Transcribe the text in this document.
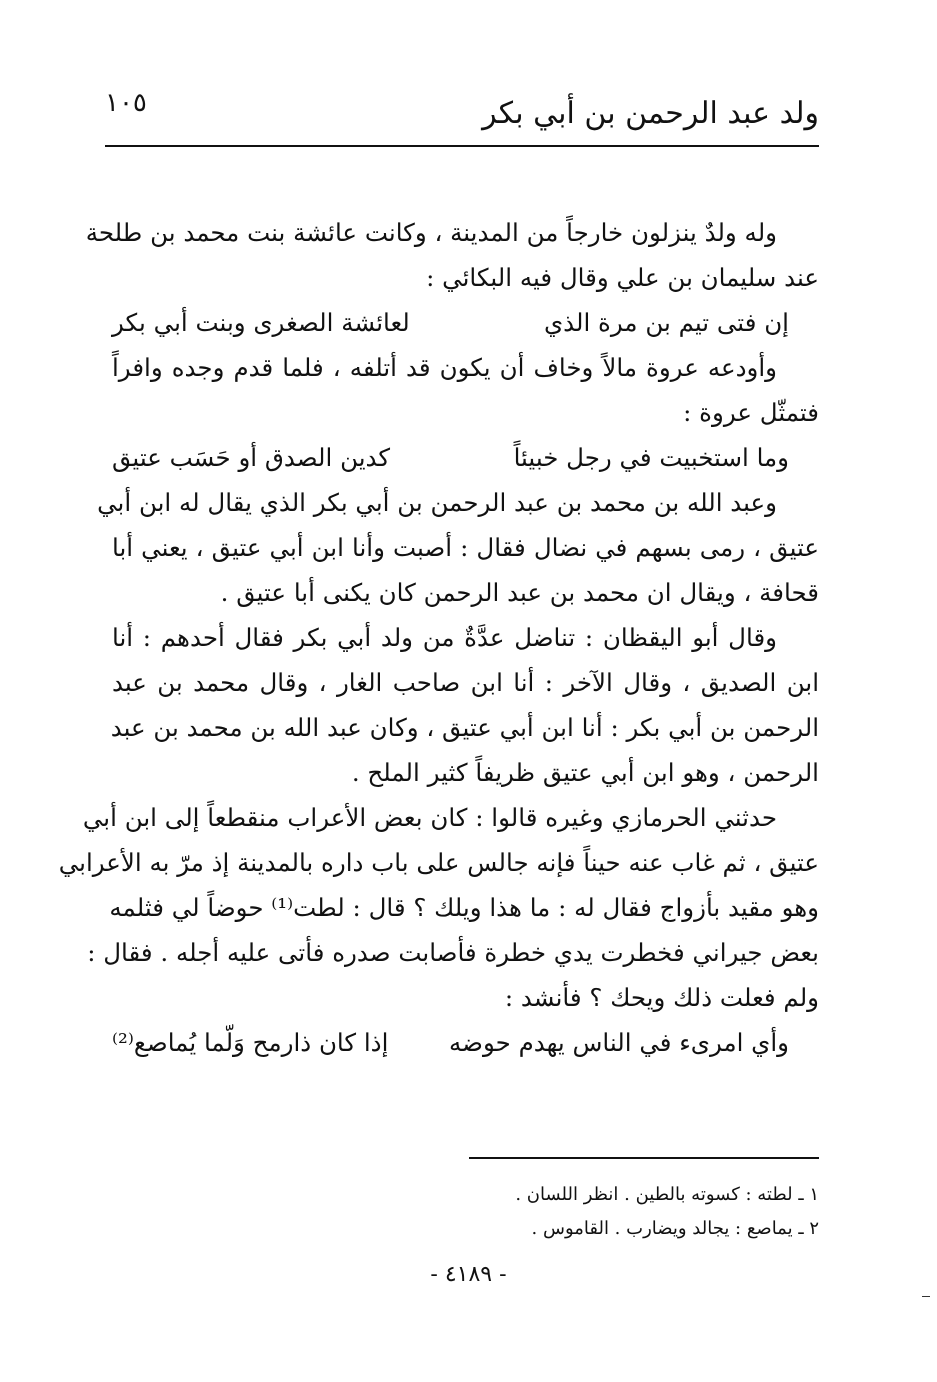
ولد عبد الرحمن بن أبي بكر
١٠٥
وله ولدٌ ينزلون خارجاً من المدينة ، وكانت عائشة بنت محمد بن طلحة
عند سليمان بن علي وقال فيه البكائي :
إن فتى تيم بن مرة الذي
لعائشة الصغرى وبنت أبي بكر
وأودعه عروة مالاً وخاف أن يكون قد أتلفه ، فلما قدم وجده وافراً
فتمثّل عروة :
وما استخبيت في رجل خبيئاً
كدين الصدق أو حَسَب عتيق
وعبد الله بن محمد بن عبد الرحمن بن أبي بكر الذي يقال له ابن أبي
عتيق ، رمى بسهم في نضال فقال : أصبت وأنا ابن أبي عتيق ، يعني أبا
قحافة ، ويقال ان محمد بن عبد الرحمن كان يكنى أبا عتيق .
وقال أبو اليقظان : تناضل عدَّةٌ من ولد أبي بكر فقال أحدهم : أنا
ابن الصديق ، وقال الآخر : أنا ابن صاحب الغار ، وقال محمد بن عبد
الرحمن بن أبي بكر : أنا ابن أبي عتيق ، وكان عبد الله بن محمد بن عبد
الرحمن ، وهو ابن أبي عتيق ظريفاً كثير الملح .
حدثني الحرمازي وغيره قالوا : كان بعض الأعراب منقطعاً إلى ابن أبي
عتيق ، ثم غاب عنه حيناً فإنه جالس على باب داره بالمدينة إذ مرّ به الأعرابي
وهو مقيد بأزواج فقال له : ما هذا ويلك ؟ قال : لطت⁽¹⁾ حوضاً لي فثلمه
بعض جيراني فخطرت يدي خطرة فأصابت صدره فأتى عليه أجله . فقال :
ولم فعلت ذلك ويحك ؟ فأنشد :
وأي امرىء في الناس يهدم حوضه
إذا كان ذارمح وَلّما يُماصع⁽²⁾
١ ـ لطته : كسوته بالطين . انظر اللسان .
٢ ـ يماصع : يجالد ويضارب . القاموس .
- ٤١٨٩ -
